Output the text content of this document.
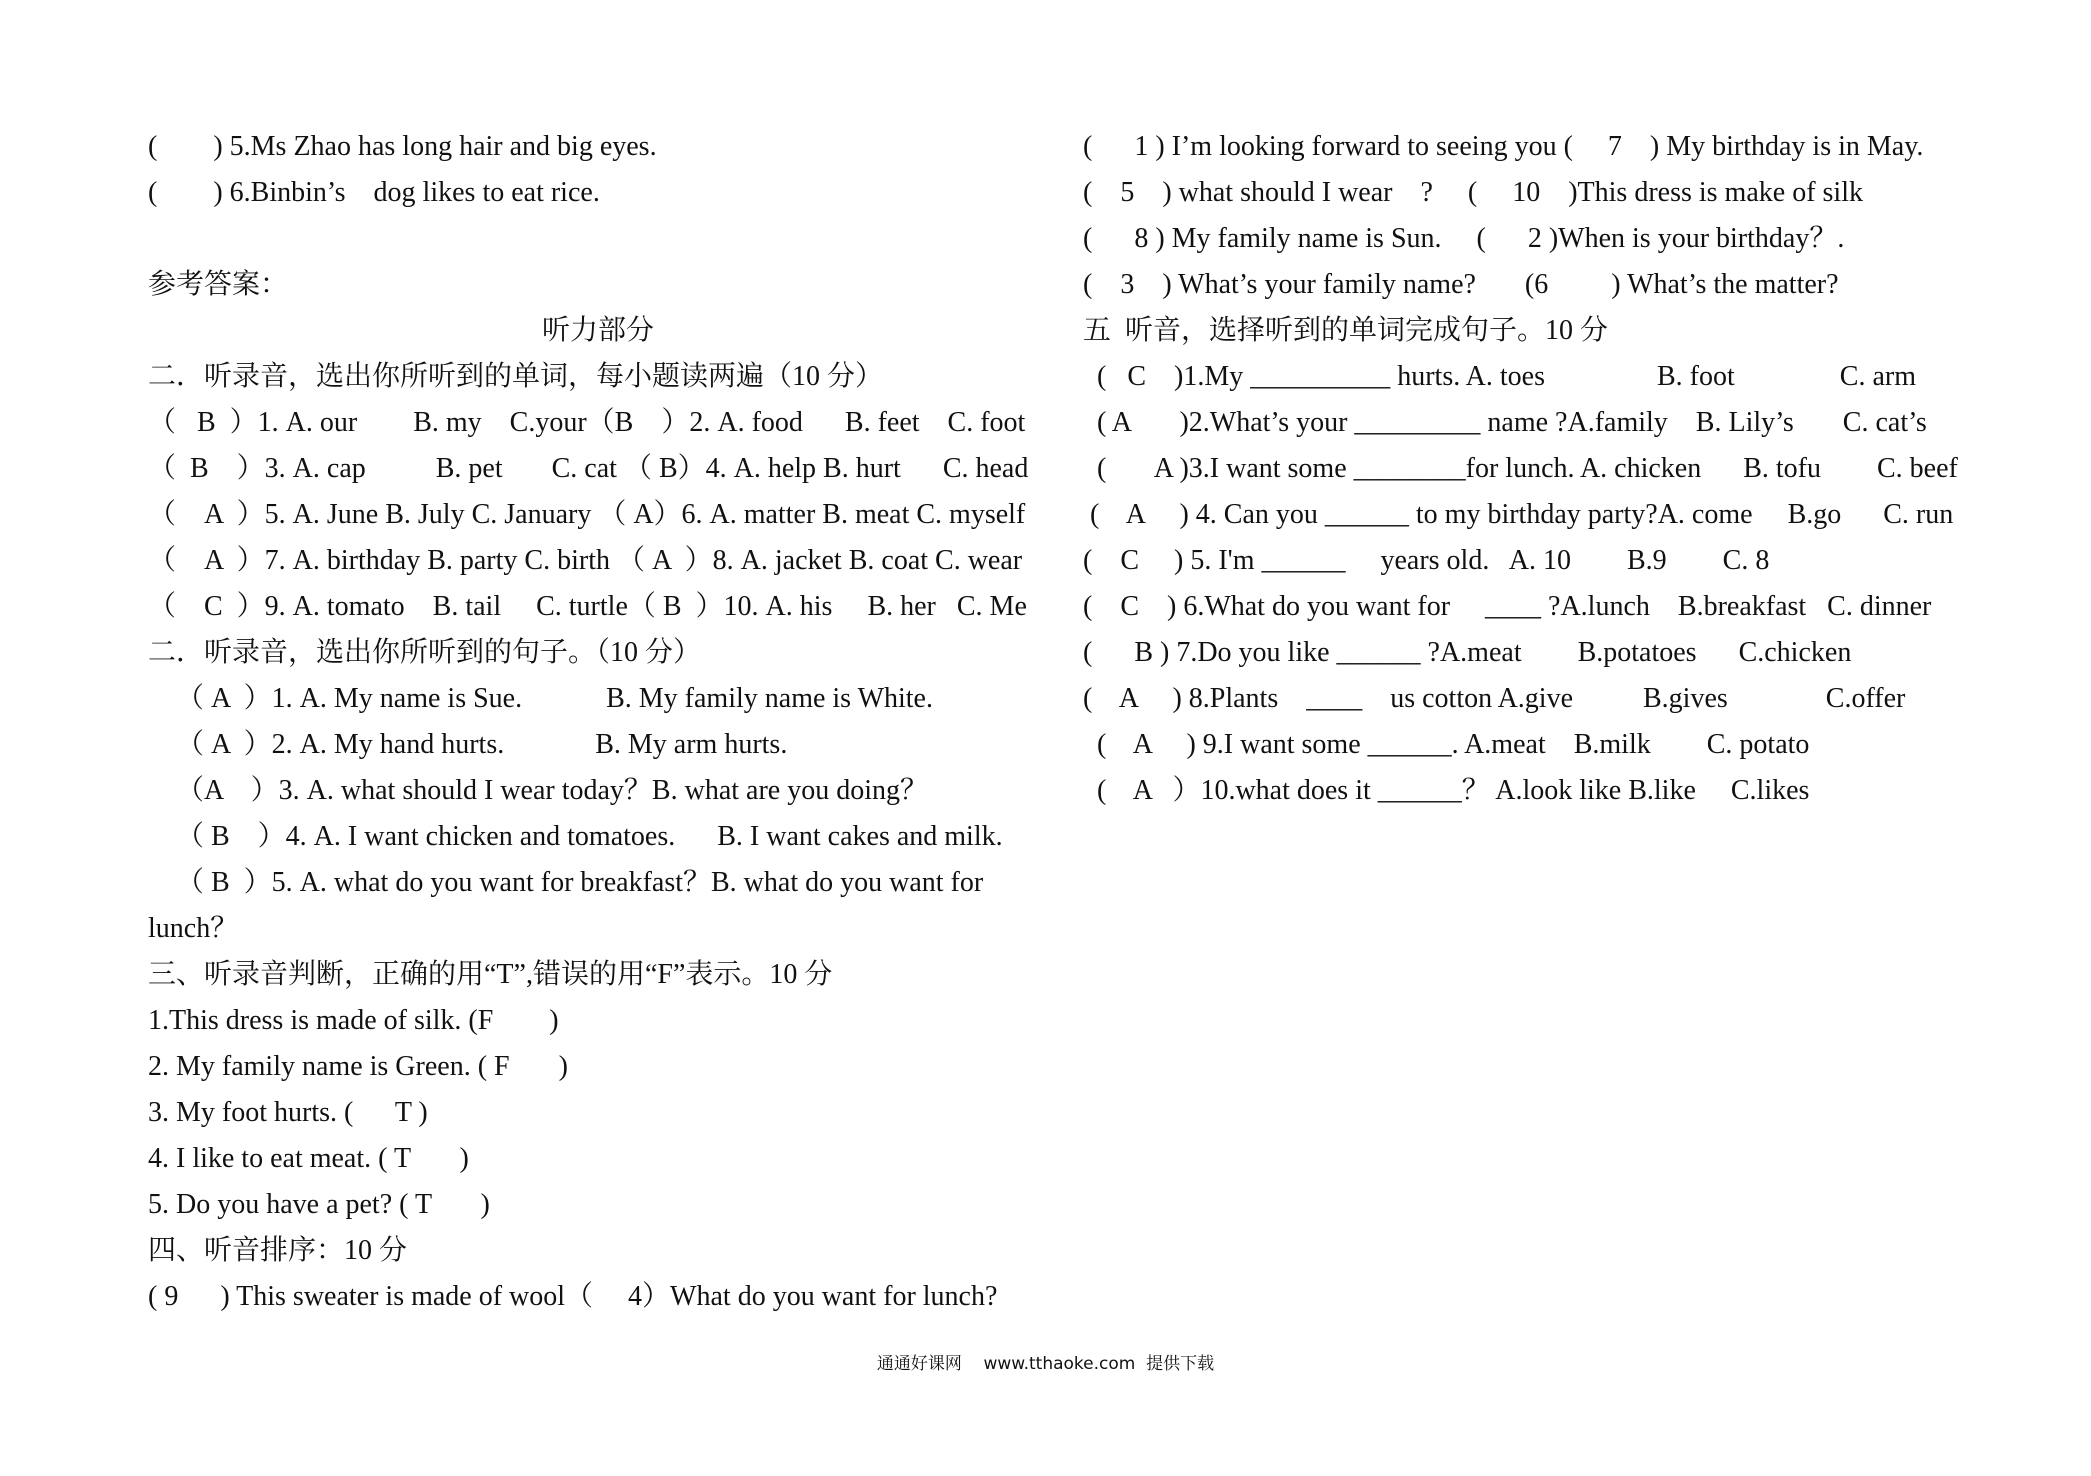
(        ) 5.Ms Zhao has long hair and big eyes.
(        ) 6.Binbin’s    dog likes to eat rice.
参考答案：
听力部分
二．听录音，选出你所听到的单词，每小题读两遍（10 分）
（   B  ）1. A. our        B. my    C.your（B    ）2. A. food      B. feet    C. foot
（  B    ）3. A. cap          B. pet       C. cat （ B）4. A. help B. hurt      C. head
（    A  ）5. A. June B. July C. January （ A）6. A. matter B. meat C. myself
（    A  ）7. A. birthday B. party C. birth （ A  ）8. A. jacket B. coat C. wear
（    C  ）9. A. tomato    B. tail     C. turtle（ B  ）10. A. his     B. her   C. Me
二．听录音，选出你所听到的句子。（10 分）
（ A  ）1. A. My name is Sue.            B. My family name is White.
（ A  ）2. A. My hand hurts.             B. My arm hurts.
（A    ）3. A. what should I wear today？B. what are you doing？
（ B    ）4. A. I want chicken and tomatoes.      B. I want cakes and milk.
（ B  ）5. A. what do you want for breakfast？B. what do you want for
lunch？
三、听录音判断，正确的用“T”,错误的用“F”表示。10 分
1.This dress is made of silk. (F        )
2. My family name is Green. ( F       )
3. My foot hurts. (      T )
4. I like to eat meat. ( T       )
5. Do you have a pet? ( T       )
四、听音排序：10 分
( 9      ) This sweater is made of wool（     4）What do you want for lunch?
(      1 ) I’m looking forward to seeing you (     7    ) My birthday is in May.
(    5    ) what should I wear    ?     (     10    )This dress is make of silk
(      8 ) My family name is Sun.     (      2 )When is your birthday？.
(    3    ) What’s your family name?       (6         ) What’s the matter?
五  听音，选择听到的单词完成句子。10 分
(   C    )1.My __________ hurts. A. toes                B. foot               C. arm
( A       )2.What’s your _________ name ?A.family    B. Lily’s       C. cat’s
(       A )3.I want some ________for lunch. A. chicken      B. tofu        C. beef
(    A     ) 4. Can you ______ to my birthday party?A. come     B.go      C. run
(    C     ) 5. I'm ______     years old.   A. 10        B.9        C. 8
(    C    ) 6.What do you want for     ____ ?A.lunch    B.breakfast   C. dinner
(      B ) 7.Do you like ______ ?A.meat        B.potatoes      C.chicken
(    A     ) 8.Plants    ____    us cotton A.give          B.gives              C.offer
(    A     ) 9.I want some ______. A.meat    B.milk        C. potato
(    A   ）10.what does it ______？ A.look like B.like     C.likes
通通好课网    www.tthaoke.com  提供下载
